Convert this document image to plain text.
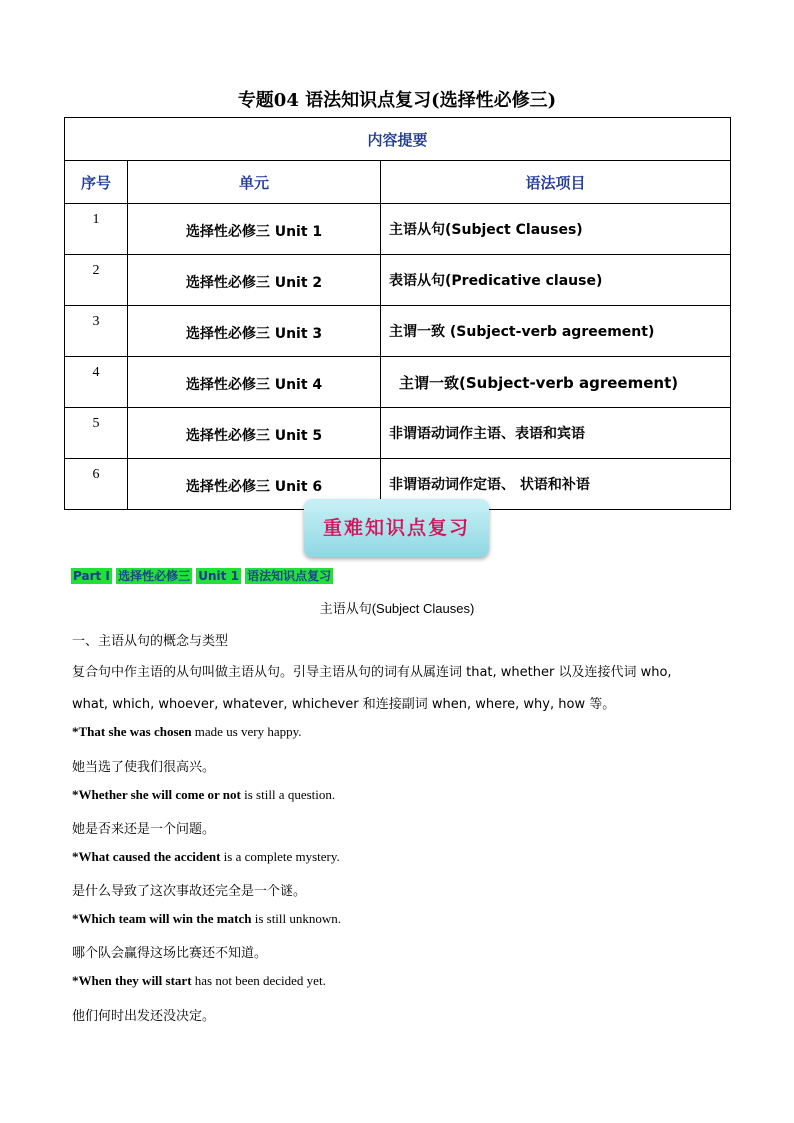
专题04 语法知识点复习(选择性必修三)
内容提要		
序号	单元	语法项目
1	选择性必修三 Unit 1	主语从句(Subject Clauses)
2	选择性必修三 Unit 2	表语从句(Predicative clause)
3	选择性必修三 Unit 3	主谓一致 (Subject-verb agreement)
4	选择性必修三 Unit 4	主谓一致(Subject-verb agreement)
5	选择性必修三 Unit 5	非谓语动词作主语、表语和宾语
6	选择性必修三 Unit 6	非谓语动词作定语、 状语和补语
重难知识点复习
Part I 选择性必修三 Unit 1 语法知识点复习
主语从句(Subject Clauses)
一、主语从句的概念与类型
复合句中作主语的从句叫做主语从句。引导主语从句的词有从属连词 that, whether 以及连接代词 who,
what, which, whoever, whatever, whichever 和连接副词 when, where, why, how 等。
*That she was chosen made us very happy.
她当选了使我们很高兴。
*Whether she will come or not is still a question.
她是否来还是一个问题。
*What caused the accident is a complete mystery.
是什么导致了这次事故还完全是一个谜。
*Which team will win the match is still unknown.
哪个队会赢得这场比赛还不知道。
*When they will start has not been decided yet.
他们何时出发还没决定。
